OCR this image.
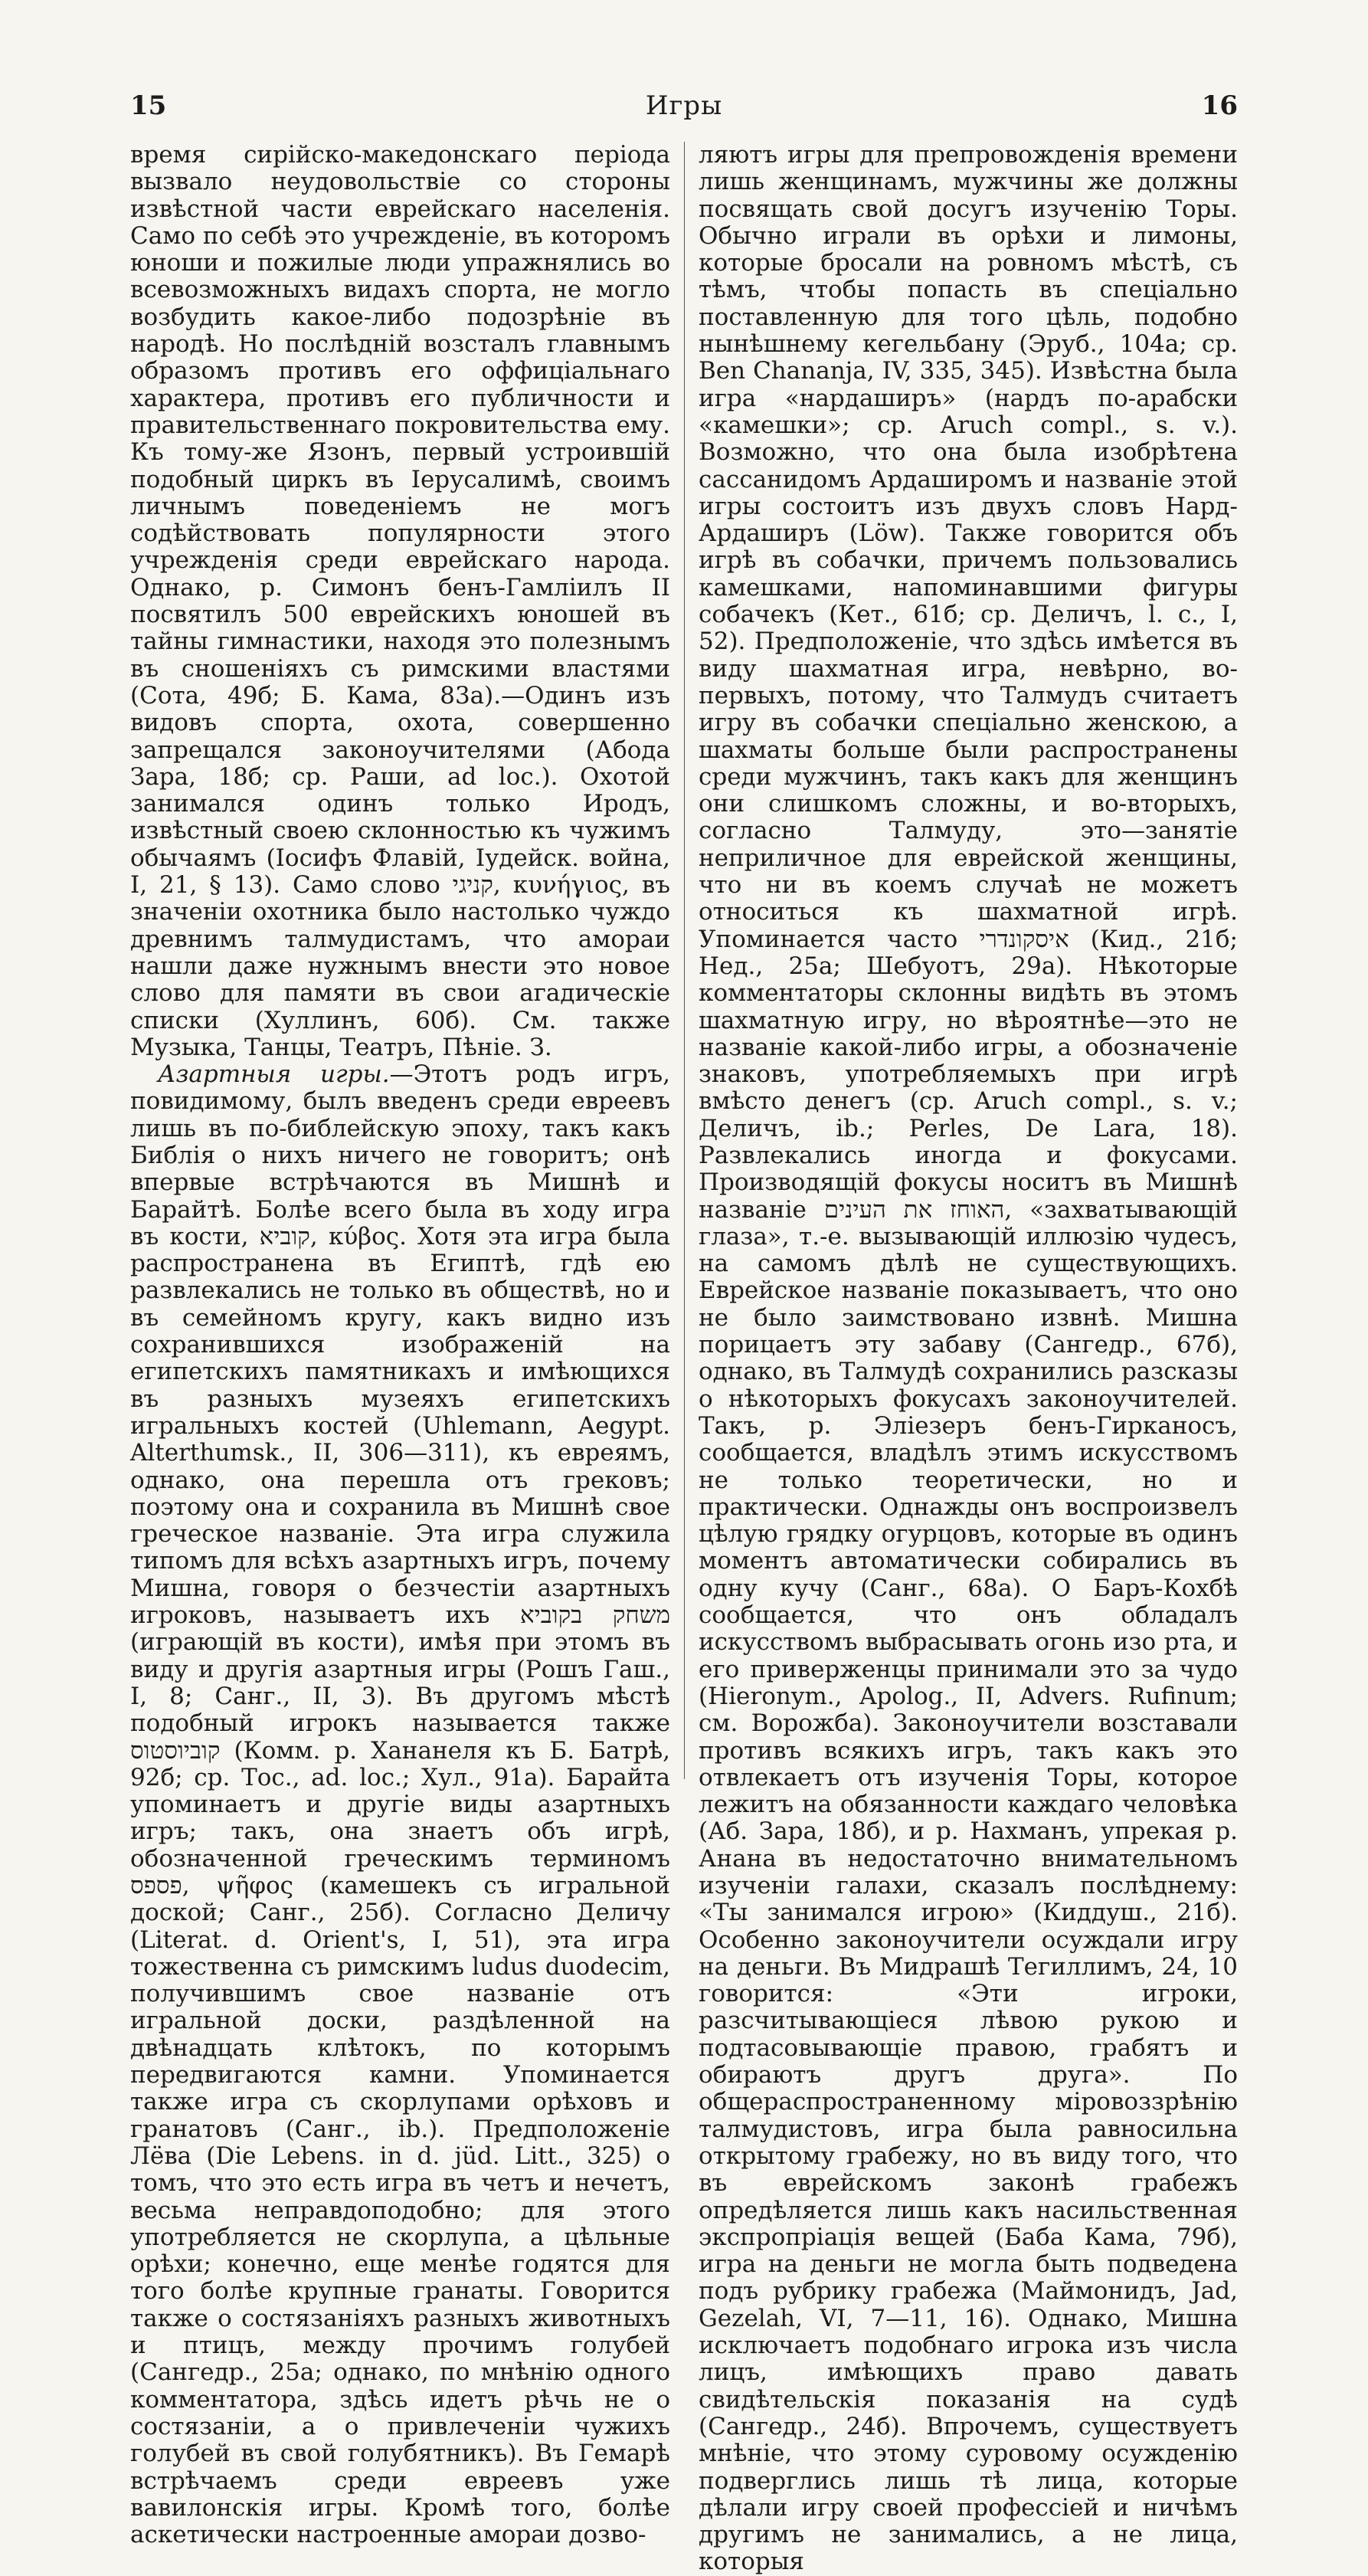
15	Игры	16

время сирійско-македонскаго періода вызвало неудовольствіе со стороны извѣстной части еврейскаго населенія. Само по себѣ это учрежденіе, въ которомъ юноши и пожилые люди упражнялись во всевозможныхъ видахъ спорта, не могло возбудить какое-либо подозрѣніе въ народѣ. Но послѣдній возсталъ главнымъ образомъ противъ его оффиціальнаго характера, противъ его публичности и правительственнаго покровительства ему. Къ тому-же Язонъ, первый устроившій подобный циркъ въ Іерусалимѣ, своимъ личнымъ поведеніемъ не могъ содѣйствовать популярности этого учрежденія среди еврейскаго народа. Однако, р. Симонъ бенъ-Гамліилъ II посвятилъ 500 еврейскихъ юношей въ тайны гимнастики, находя это полезнымъ въ сношеніяхъ съ римскими властями (Сота, 49б; Б. Кама, 83а).—Одинъ изъ видовъ спорта, охота, совершенно запрещался законоучителями (Абода Зара, 18б; ср. Раши, ad loc.). Охотой занимался одинъ только Иродъ, извѣстный своею склонностью къ чужимъ обычаямъ (Іосифъ Флавій, Іудейск. война, I, 21, § 13). Само слово קניגי, κυνήγιος, въ значеніи охотника было настолько чуждо древнимъ талмудистамъ, что амораи нашли даже нужнымъ внести это новое слово для памяти въ свои агадическіе списки (Хуллинъ, 60б). См. также Музыка, Танцы, Театръ, Пѣніе. З.

Азартныя игры.—Этотъ родъ игръ, повидимому, былъ введенъ среди евреевъ лишь въ по-библейскую эпоху, такъ какъ Библія о нихъ ничего не говоритъ; онѣ впервые встрѣчаются въ Мишнѣ и Барайтѣ. Болѣе всего была въ ходу игра въ кости, קוביא, κύβος. Хотя эта игра была распространена въ Египтѣ, гдѣ ею развлекались не только въ обществѣ, но и въ семейномъ кругу, какъ видно изъ сохранившихся изображеній на египетскихъ памятникахъ и имѣющихся въ разныхъ музеяхъ египетскихъ игральныхъ костей (Uhlemann, Aegypt. Alterthumsk., II, 306—311), къ евреямъ, однако, она перешла отъ грековъ; поэтому она и сохранила въ Мишнѣ свое греческое названіе. Эта игра служила типомъ для всѣхъ азартныхъ игръ, почему Мишна, говоря о безчестіи азартныхъ игроковъ, называетъ ихъ משחק בקוביא (играющій въ кости), имѣя при этомъ въ виду и другія азартныя игры (Рошъ Гаш., I, 8; Санг., II, 3). Въ другомъ мѣстѣ подобный игрокъ называется также קוביוסטוס (Комм. р. Хананеля къ Б. Батрѣ, 92б; ср. Тос., ad. loc.; Хул., 91а). Барайта упоминаетъ и другіе виды азартныхъ игръ; такъ, она знаетъ объ игрѣ, обозначенной греческимъ терминомъ פספס, ψῆφος (камешекъ съ игральной доской; Санг., 25б). Согласно Деличу (Literat. d. Orient's, I, 51), эта игра тожественна съ римскимъ ludus duodecim, получившимъ свое названіе отъ игральной доски, раздѣленной на двѣнадцать клѣтокъ, по которымъ передвигаются камни. Упоминается также игра съ скорлупами орѣховъ и гранатовъ (Санг., ib.). Предположеніе Лёва (Die Lebens. in d. jüd. Litt., 325) о томъ, что это есть игра въ четъ и нечетъ, весьма неправдоподобно; для этого употребляется не скорлупа, а цѣльные орѣхи; конечно, еще менѣе годятся для того болѣе крупные гранаты. Говорится также о состязаніяхъ разныхъ животныхъ и птицъ, между прочимъ голубей (Сангедр., 25а; однако, по мнѣнію одного комментатора, здѣсь идетъ рѣчь не о состязаніи, а о привлеченіи чужихъ голубей въ свой голубятникъ). Въ Гемарѣ встрѣчаемъ среди евреевъ уже вавилонскія игры. Кромѣ того, болѣе аскетически настроенные амораи дозво-

ляютъ игры для препровожденія времени лишь женщинамъ, мужчины же должны посвящать свой досугъ изученію Торы. Обычно играли въ орѣхи и лимоны, которые бросали на ровномъ мѣстѣ, съ тѣмъ, чтобы попасть въ спеціально поставленную для того цѣль, подобно нынѣшнему кегельбану (Эруб., 104а; ср. Ben Chananja, IV, 335, 345). Извѣстна была игра «нардаширъ» (нардъ по-арабски «камешки»; ср. Aruch compl., s. v.). Возможно, что она была изобрѣтена сассанидомъ Ардаширомъ и названіе этой игры состоитъ изъ двухъ словъ Нард-Ардаширъ (Löw). Также говорится объ игрѣ въ собачки, причемъ пользовались камешками, напоминавшими фигуры собачекъ (Кет., 61б; ср. Деличъ, l. c., I, 52). Предположеніе, что здѣсь имѣется въ виду шахматная игра, невѣрно, во-первыхъ, потому, что Талмудъ считаетъ игру въ собачки спеціально женскою, а шахматы больше были распространены среди мужчинъ, такъ какъ для женщинъ они слишкомъ сложны, и во-вторыхъ, согласно Талмуду, это—занятіе неприличное для еврейской женщины, что ни въ коемъ случаѣ не можетъ относиться къ шахматной игрѣ. Упоминается часто איסקונדרי (Кид., 21б; Нед., 25а; Шебуотъ, 29а). Нѣкоторые комментаторы склонны видѣть въ этомъ шахматную игру, но вѣроятнѣе—это не названіе какой-либо игры, а обозначеніе знаковъ, употребляемыхъ при игрѣ вмѣсто денегъ (ср. Aruch compl., s. v.; Деличъ, ib.; Perles, De Lara, 18). Развлекались иногда и фокусами. Производящій фокусы носитъ въ Мишнѣ названіе האוחז את העינים, «захватывающій глаза», т.-е. вызывающій иллюзію чудесъ, на самомъ дѣлѣ не существующихъ. Еврейское названіе показываетъ, что оно не было заимствовано извнѣ. Мишна порицаетъ эту забаву (Сангедр., 67б), однако, въ Талмудѣ сохранились разсказы о нѣкоторыхъ фокусахъ законоучителей. Такъ, р. Эліезеръ бенъ-Гирканосъ, сообщается, владѣлъ этимъ искусствомъ не только теоретически, но и практически. Однажды онъ воспроизвелъ цѣлую грядку огурцовъ, которые въ одинъ моментъ автоматически собирались въ одну кучу (Санг., 68а). О Баръ-Кохбѣ сообщается, что онъ обладалъ искусствомъ выбрасывать огонь изо рта, и его приверженцы принимали это за чудо (Hieronym., Apolog., II, Advers. Rufinum; см. Ворожба). Законоучители возставали противъ всякихъ игръ, такъ какъ это отвлекаетъ отъ изученія Торы, которое лежитъ на обязанности каждаго человѣка (Аб. Зара, 18б), и р. Нахманъ, упрекая р. Анана въ недостаточно внимательномъ изученіи галахи, сказалъ послѣднему: «Ты занимался игрою» (Киддуш., 21б). Особенно законоучители осуждали игру на деньги. Въ Мидрашѣ Тегиллимъ, 24, 10 говорится: «Эти игроки, разсчитывающіеся лѣвою рукою и подтасовывающіе правою, грабятъ и обираютъ другъ друга». По общераспространенному міровоззрѣнію талмудистовъ, игра была равносильна открытому грабежу, но въ виду того, что въ еврейскомъ законѣ грабежъ опредѣляется лишь какъ насильственная экспропріація вещей (Баба Кама, 79б), игра на деньги не могла быть подведена подъ рубрику грабежа (Маймонидъ, Jad, Gezelah, VI, 7—11, 16). Однако, Мишна исключаетъ подобнаго игрока изъ числа лицъ, имѣющихъ право давать свидѣтельскія показанія на судѣ (Сангедр., 24б). Впрочемъ, существуетъ мнѣніе, что этому суровому осужденію подверглись лишь тѣ лица, которые дѣлали игру своей профессіей и ничѣмъ другимъ не занимались, а не лица, которыя
